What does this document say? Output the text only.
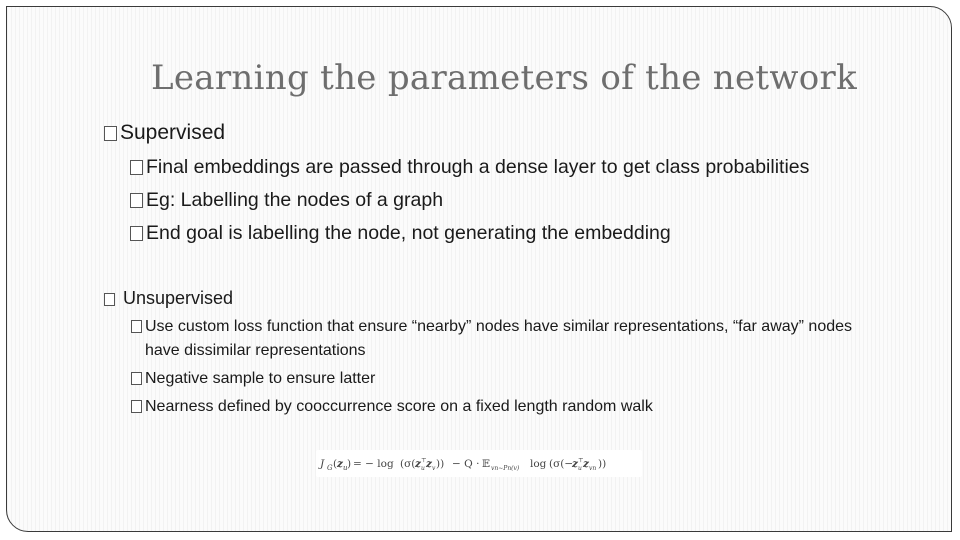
Learning the parameters of the network
Supervised
Final embeddings are passed through a dense layer to get class probabilities
Eg: Labelling the nodes of a graph
End goal is labelling the node, not generating the embedding
Unsupervised
Use custom loss function that ensure “nearby” nodes have similar representations, “far away” nodes have dissimilar representations
Negative sample to ensure latter
Nearness defined by cooccurrence score on a fixed length random walk
J G ( z u ) = − log (σ( z ⊤
u z v )) − Q · 𝔼 vn∼Pn(v) log (σ(−
z ⊤
u z vn ))
